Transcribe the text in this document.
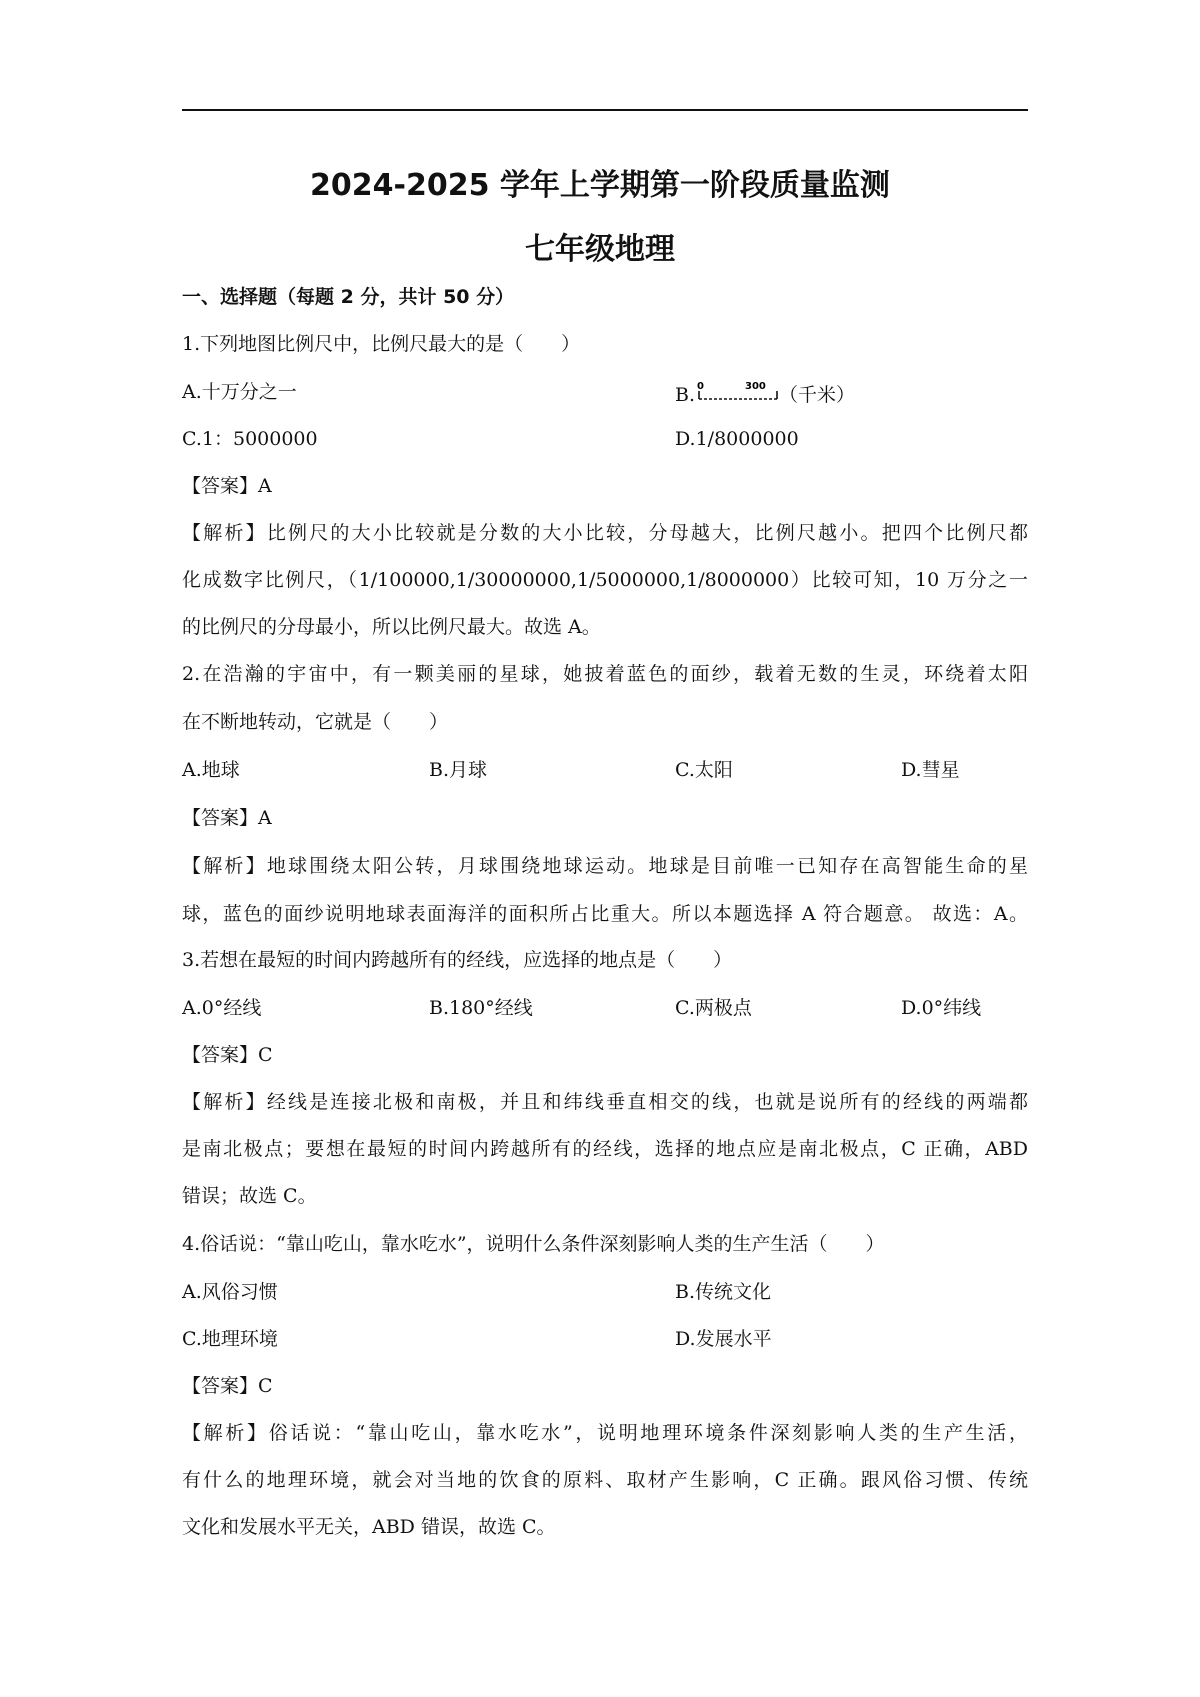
2024-2025 学年上学期第一阶段质量监测
七年级地理
一、选择题（每题 2 分，共计 50 分）
1.下列地图比例尺中，比例尺最大的是（　　）
A.十万分之一	B. 0	300 （千米）
C.1：5000000	D.1/8000000
【答案】A
【解析】比例尺的大小比较就是分数的大小比较，分母越大，比例尺越小。把四个比例尺都
化成数字比例尺，（1/100000,1/30000000,1/5000000,1/8000000）比较可知，10 万分之一
的比例尺的分母最小，所以比例尺最大。故选 A。
2.在浩瀚的宇宙中，有一颗美丽的星球，她披着蓝色的面纱，载着无数的生灵，环绕着太阳
在不断地转动，它就是（　　）
A.地球	B.月球	C.太阳	D.彗星
【答案】A
【解析】地球围绕太阳公转，月球围绕地球运动。地球是目前唯一已知存在高智能生命的星
球，蓝色的面纱说明地球表面海洋的面积所占比重大。所以本题选择 A 符合题意。 故选：A。
3.若想在最短的时间内跨越所有的经线，应选择的地点是（　　）
A.0°经线	B.180°经线	C.两极点	D.0°纬线
【答案】C
【解析】经线是连接北极和南极，并且和纬线垂直相交的线，也就是说所有的经线的两端都
是南北极点；要想在最短的时间内跨越所有的经线，选择的地点应是南北极点，C 正确，ABD
错误；故选 C。
4.俗话说：“靠山吃山，靠水吃水”，说明什么条件深刻影响人类的生产生活（　　）
A.风俗习惯	B.传统文化
C.地理环境	D.发展水平
【答案】C
【解析】俗话说：“靠山吃山，靠水吃水”，说明地理环境条件深刻影响人类的生产生活，
有什么的地理环境，就会对当地的饮食的原料、取材产生影响，C 正确。跟风俗习惯、传统
文化和发展水平无关，ABD 错误，故选 C。
